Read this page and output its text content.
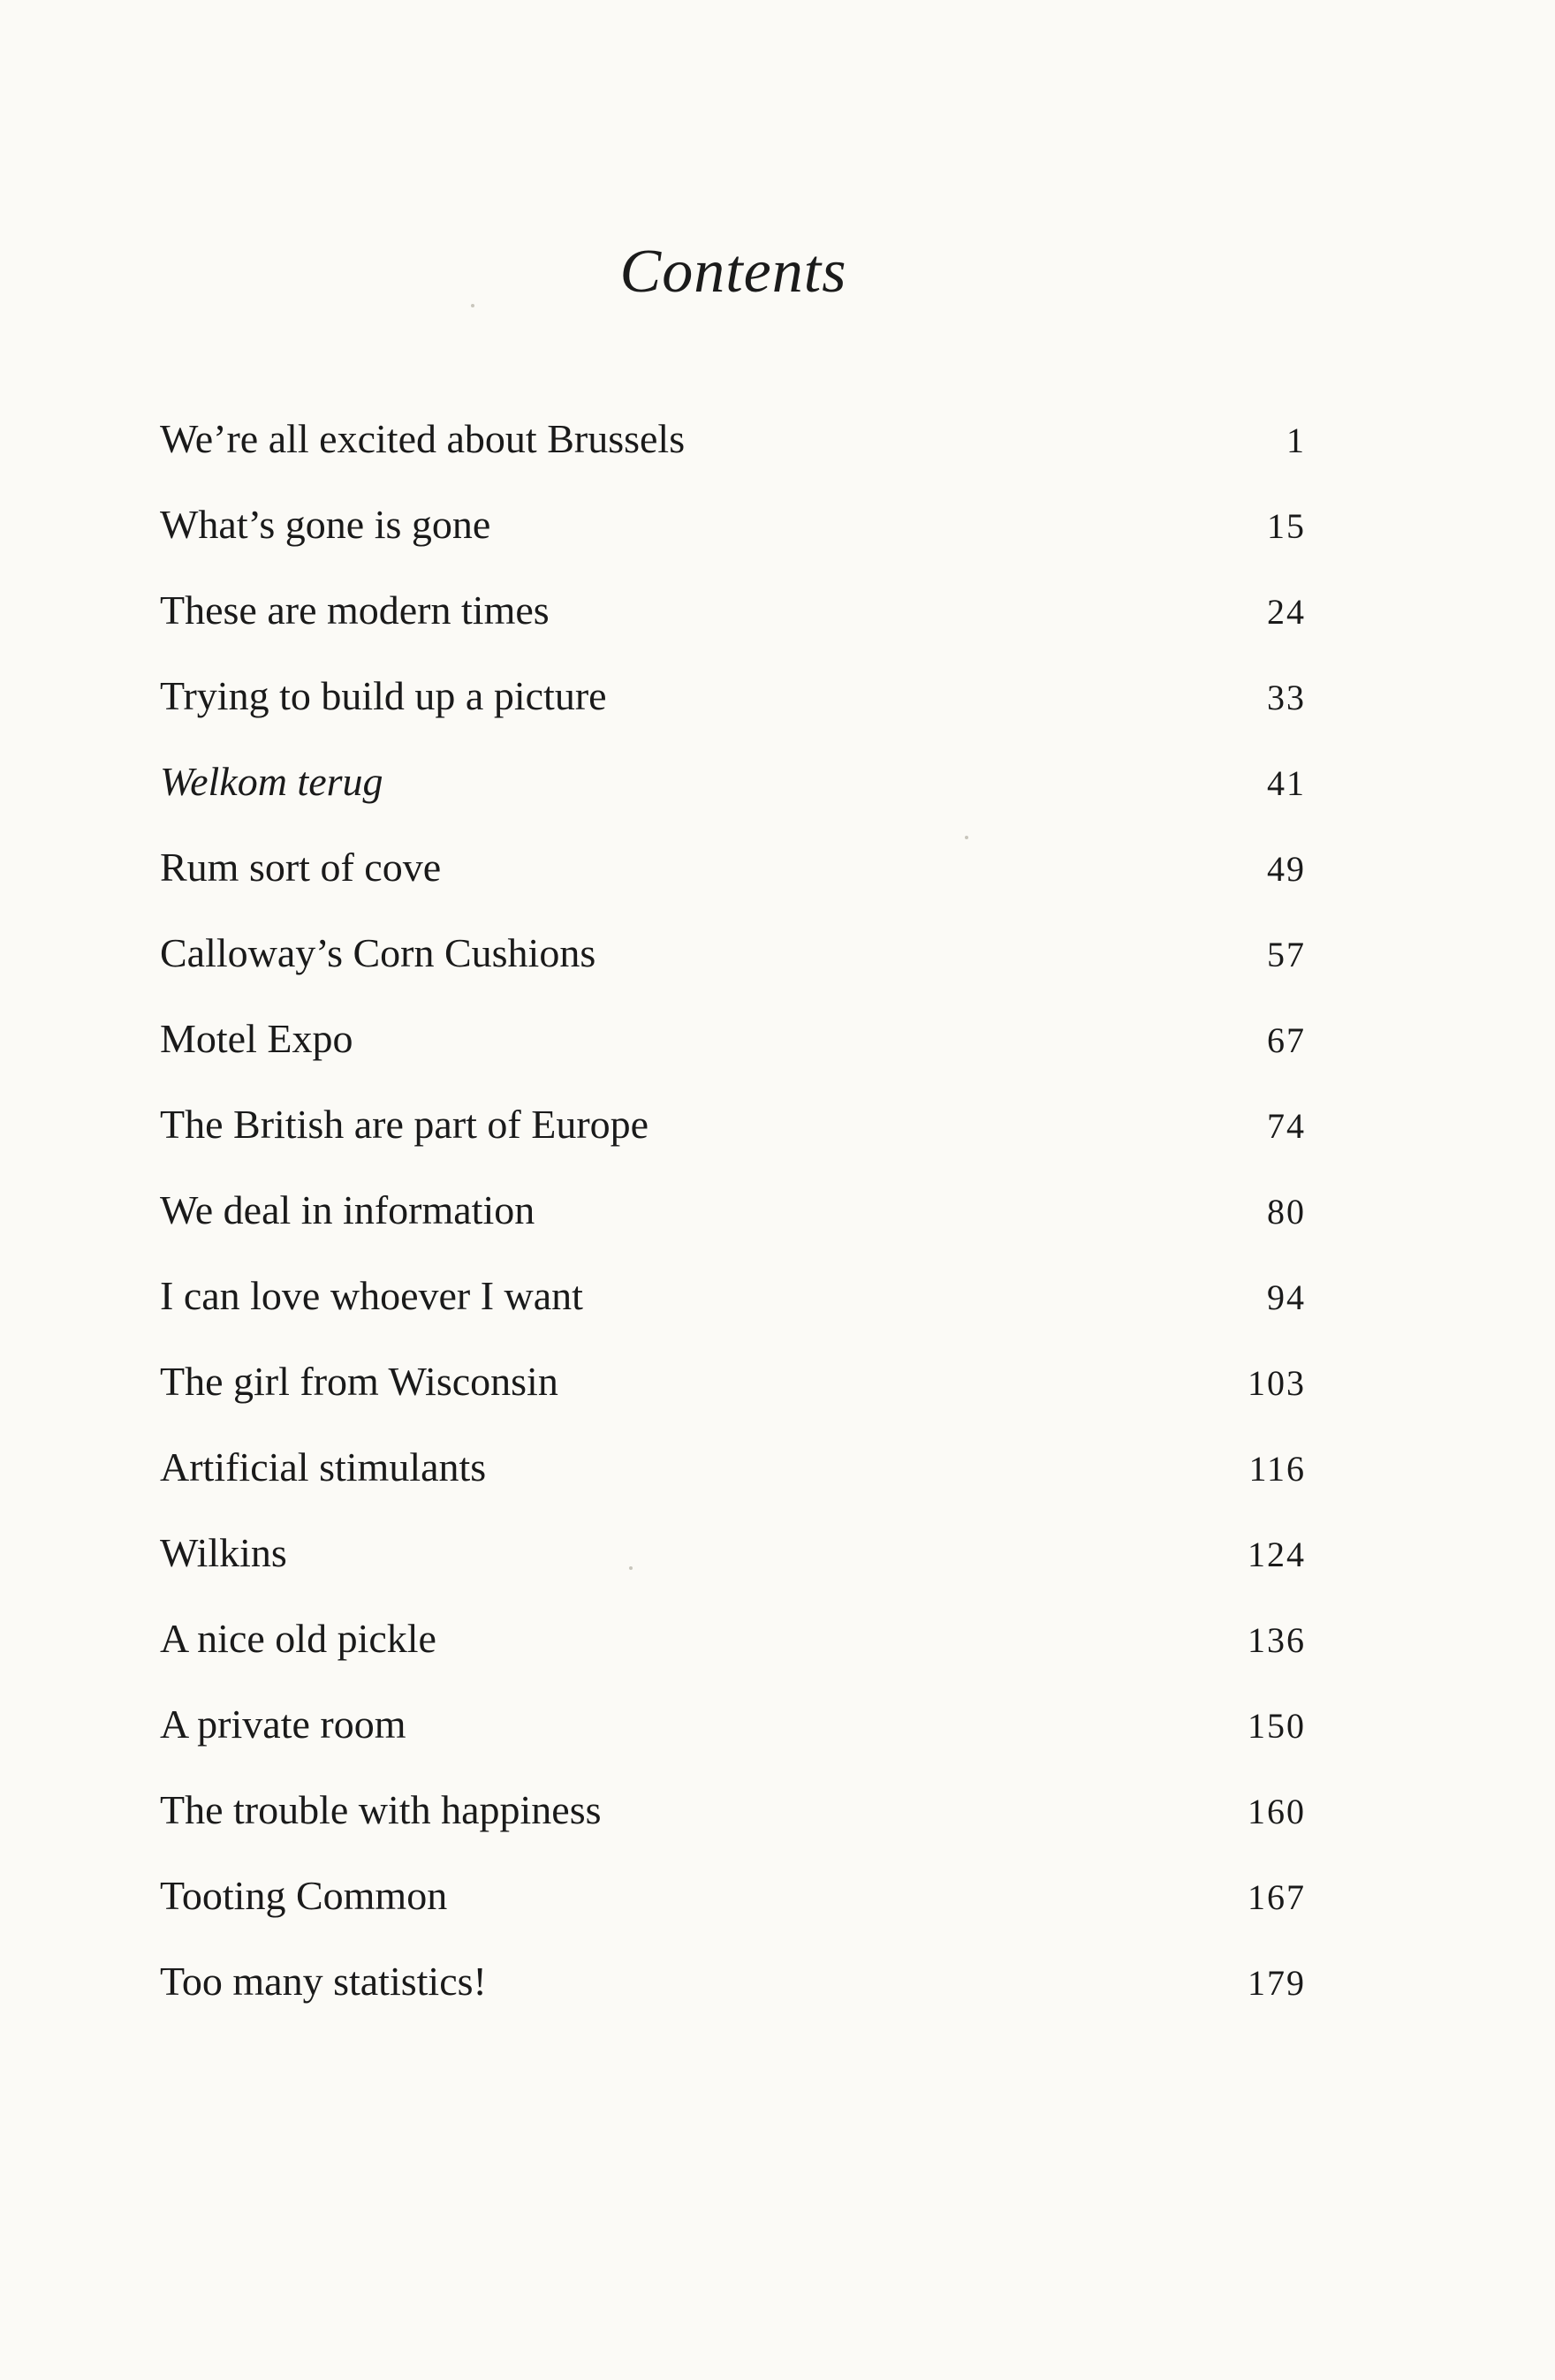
Contents
We’re all excited about Brussels	1
What’s gone is gone	15
These are modern times	24
Trying to build up a picture	33
Welkom terug	41
Rum sort of cove	49
Calloway’s Corn Cushions	57
Motel Expo	67
The British are part of Europe	74
We deal in information	80
I can love whoever I want	94
The girl from Wisconsin	103
Artificial stimulants	116
Wilkins	124
A nice old pickle	136
A private room	150
The trouble with happiness	160
Tooting Common	167
Too many statistics!	179
